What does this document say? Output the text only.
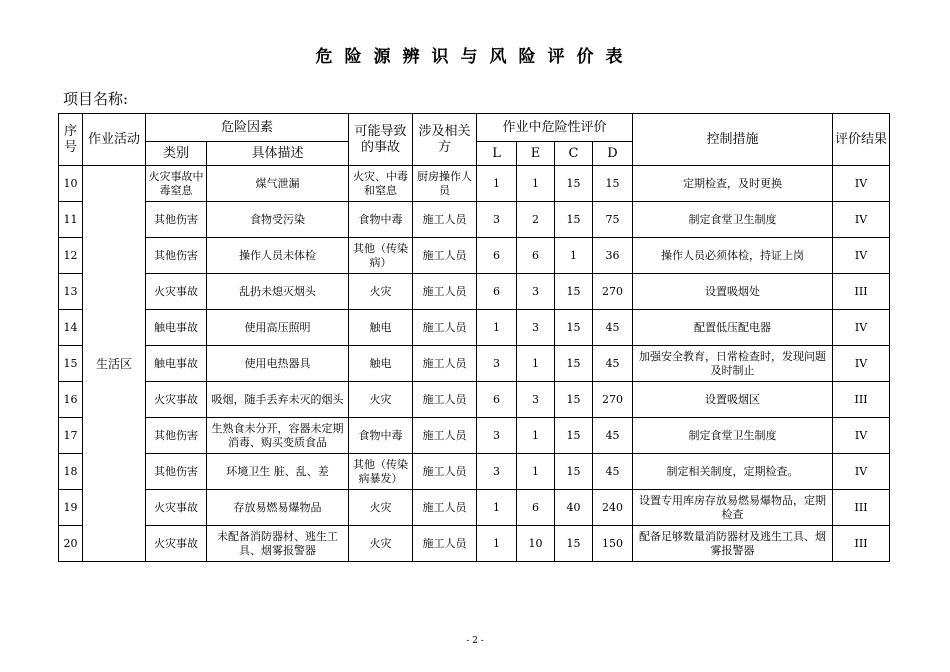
危险源辨识与风险评价表
项目名称:
序号	作业活动	危险因素		可能导致的事故	涉及相关方	作业中危险性评价				控制措施	评价结果
		类别	具体描述			L	E	C	D		
10	生活区	火灾事故中毒窒息	煤气泄漏	火灾、中毒和窒息	厨房操作人员	1	1	15	15	定期检查，及时更换	IV
11		其他伤害	食物受污染	食物中毒	施工人员	3	2	15	75	制定食堂卫生制度	IV
12		其他伤害	操作人员未体检	其他（传染病）	施工人员	6	6	1	36	操作人员必须体检，持证上岗	IV
13		火灾事故	乱扔未熄灭烟头	火灾	施工人员	6	3	15	270	设置吸烟处	III
14		触电事故	使用高压照明	触电	施工人员	1	3	15	45	配置低压配电器	IV
15		触电事故	使用电热器具	触电	施工人员	3	1	15	45	加强安全教育，日常检查时，发现问题及时制止	IV
16		火灾事故	吸烟，随手丢弃未灭的烟头	火灾	施工人员	6	3	15	270	设置吸烟区	III
17		其他伤害	生熟食未分开，容器未定期消毒、购买变质食品	食物中毒	施工人员	3	1	15	45	制定食堂卫生制度	IV
18		其他伤害	环境卫生 脏、乱、差	其他（传染病暴发）	施工人员	3	1	15	45	制定相关制度，定期检查。	IV
19		火灾事故	存放易燃易爆物品	火灾	施工人员	1	6	40	240	设置专用库房存放易燃易爆物品，定期检查	III
20		火灾事故	未配备消防器材、逃生工具、烟雾报警器	火灾	施工人员	1	10	15	150	配备足够数量消防器材及逃生工具、烟雾报警器	III
- 2 -
